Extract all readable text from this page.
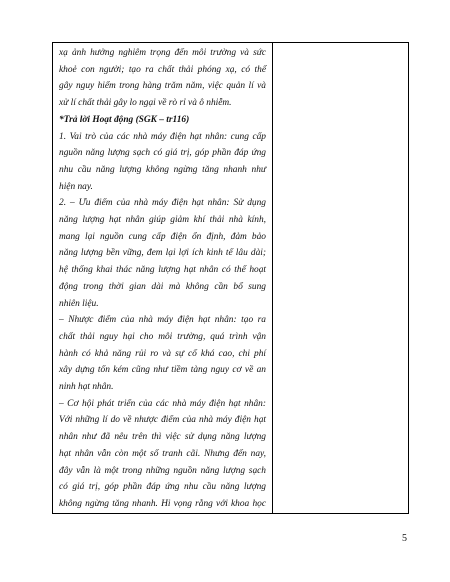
xạ ảnh hưởng nghiêm trọng đến môi trường và sức
khoẻ con người; tạo ra chất thải phóng xạ, có thể
gây nguy hiểm trong hàng trăm năm, việc quản lí và
xử lí chất thải gây lo ngại về rò rỉ và ô nhiễm.
*Trả lời Hoạt động (SGK – tr116)
1. Vai trò của các nhà máy điện hạt nhân: cung cấp
nguồn năng lượng sạch có giá trị, góp phần đáp ứng
nhu cầu năng lượng không ngừng tăng nhanh như
hiện nay.
2. – Ưu điểm của nhà máy điện hạt nhân: Sử dụng
năng lượng hạt nhân giúp giảm khí thải nhà kính,
mang lại nguồn cung cấp điện ổn định, đảm bảo
năng lượng bền vững, đem lại lợi ích kinh tế lâu dài;
hệ thống khai thác năng lượng hạt nhân có thể hoạt
động trong thời gian dài mà không cần bổ sung
nhiên liệu.
– Nhược điểm của nhà máy điện hạt nhân: tạo ra
chất thải nguy hại cho môi trường, quá trình vận
hành có khả năng rủi ro và sự cố khá cao, chi phí
xây dựng tốn kém cũng như tiềm tàng nguy cơ về an
ninh hạt nhân.
– Cơ hội phát triển của các nhà máy điện hạt nhân:
Với những lí do về nhược điểm của nhà máy điện hạt
nhân như đã nêu trên thì việc sử dụng năng lượng
hạt nhân vẫn còn một số tranh cãi. Nhưng đến nay,
đây vẫn là một trong những nguồn năng lượng sạch
có giá trị, góp phần đáp ứng nhu cầu năng lượng
không ngừng tăng nhanh. Hi vọng rằng với khoa học
5
